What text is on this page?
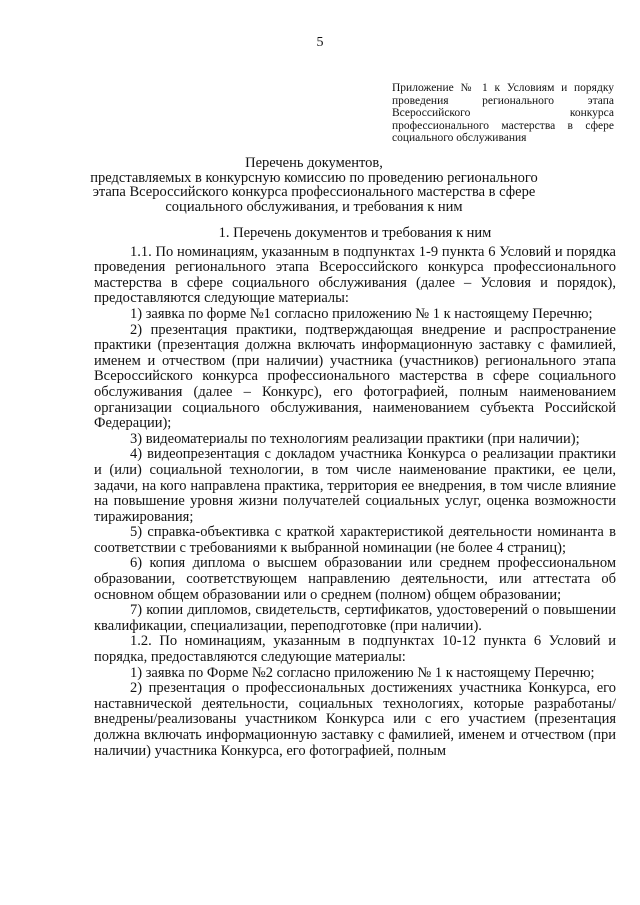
5
Приложение № 1 к Условиям и порядку проведения регионального этапа Всероссийского конкурса профессионального мастерства в сфере социального обслуживания
Перечень документов,
представляемых в конкурсную комиссию по проведению регионального этапа Всероссийского конкурса профессионального мастерства в сфере социального обслуживания, и требования к ним

1. Перечень документов и требования к ним

1.1. По номинациям, указанным в подпунктах 1-9 пункта 6 Условий и порядка проведения регионального этапа Всероссийского конкурса профессионального мастерства в сфере социального обслуживания (далее – Условия и порядок), предоставляются следующие материалы:

1) заявка по форме №1 согласно приложению № 1 к настоящему Перечню;

2) презентация практики, подтверждающая внедрение и распространение практики (презентация должна включать информационную заставку с фамилией, именем и отчеством (при наличии) участника (участников) регионального этапа Всероссийского конкурса профессионального мастерства в сфере социального обслуживания (далее – Конкурс), его фотографией, полным наименованием организации социального обслуживания, наименованием субъекта Российской Федерации);

3) видеоматериалы по технологиям реализации практики (при наличии);

4) видеопрезентация с докладом участника Конкурса о реализации практики и (или) социальной технологии, в том числе наименование практики, ее цели, задачи, на кого направлена практика, территория ее внедрения, в том числе влияние на повышение уровня жизни получателей социальных услуг, оценка возможности тиражирования;

5) справка-объективка с краткой характеристикой деятельности номинанта в соответствии с требованиями к выбранной номинации (не более 4 страниц);

6) копия диплома о высшем образовании или среднем профессиональном образовании, соответствующем направлению деятельности, или аттестата об основном общем образовании или о среднем (полном) общем образовании;

7) копии дипломов, свидетельств, сертификатов, удостоверений о повышении квалификации, специализации, переподготовке (при наличии).

1.2. По номинациям, указанным в подпунктах 10-12 пункта 6 Условий и порядка, предоставляются следующие материалы:

1) заявка по Форме №2 согласно приложению № 1 к настоящему Перечню;

2) презентация о профессиональных достижениях участника Конкурса, его наставнической деятельности, социальных технологиях, которые разработаны/внедрены/реализованы участником Конкурса или с его участием (презентация должна включать информационную заставку с фамилией, именем и отчеством (при наличии) участника Конкурса, его фотографией, полным
